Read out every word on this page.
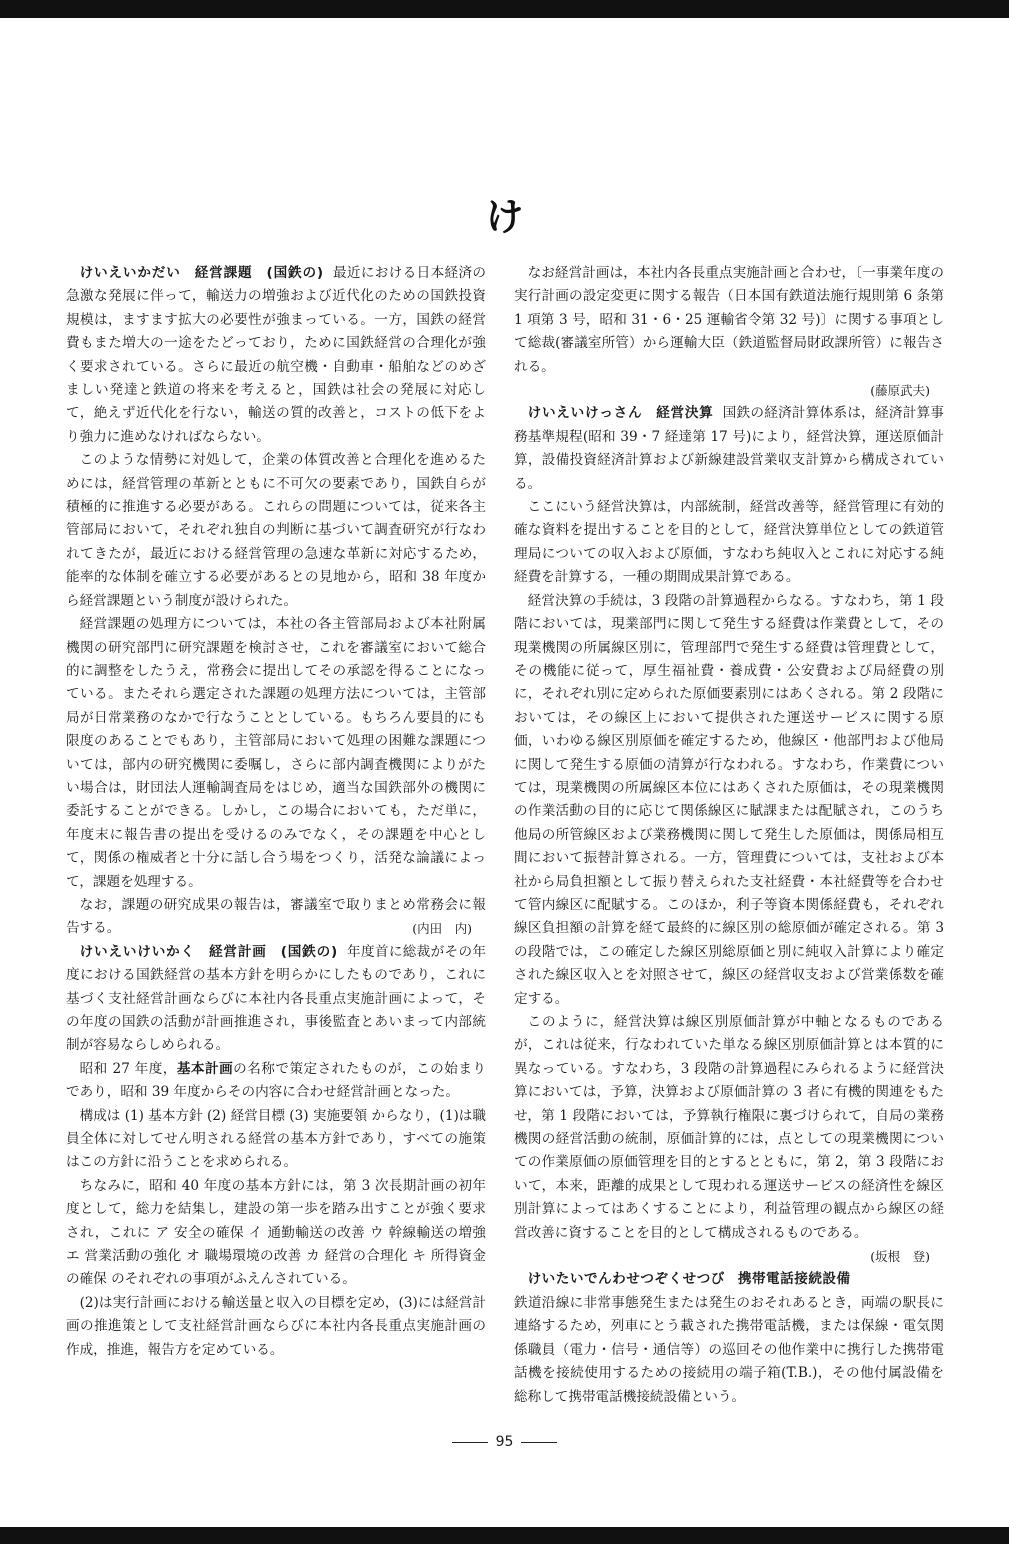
け

けいえいかだい 経営課題 (国鉄の) 最近における日本経済の急激な発展に伴って，輸送力の増強および近代化のための国鉄投資規模は，ますます拡大の必要性が強まっている。一方，国鉄の経営費もまた増大の一途をたどっており，ために国鉄経営の合理化が強く要求されている。さらに最近の航空機・自動車・船舶などのめざましい発達と鉄道の将来を考えると，国鉄は社会の発展に対応して，絶えず近代化を行ない，輸送の質的改善と，コストの低下をより強力に進めなければならない。

このような情勢に対処して，企業の体質改善と合理化を進めるためには，経営管理の革新とともに不可欠の要素であり，国鉄自らが積極的に推進する必要がある。これらの問題については，従来各主管部局において，それぞれ独自の判断に基づいて調査研究が行なわれてきたが，最近における経営管理の急速な革新に対応するため，能率的な体制を確立する必要があるとの見地から，昭和 38 年度から経営課題という制度が設けられた。

経営課題の処理方については，本社の各主管部局および本社附属機関の研究部門に研究課題を検討させ，これを審議室において総合的に調整をしたうえ，常務会に提出してその承認を得ることになっている。またそれら選定された課題の処理方法については，主管部局が日常業務のなかで行なうこととしている。もちろん要員的にも限度のあることでもあり，主管部局において処理の困難な課題については，部内の研究機関に委嘱し，さらに部内調査機関によりがたい場合は，財団法人運輸調査局をはじめ，適当な国鉄部外の機関に委託することができる。しかし，この場合においても，ただ単に，年度末に報告書の提出を受けるのみでなく，その課題を中心として，関係の権威者と十分に話し合う場をつくり，活発な論議によって，課題を処理する。

なお，課題の研究成果の報告は，審議室で取りまとめ常務会に報告する。	(内田　内)

けいえいけいかく 経営計画 (国鉄の) 年度首に総裁がその年度における国鉄経営の基本方針を明らかにしたものであり，これに基づく支社経営計画ならびに本社内各長重点実施計画によって，その年度の国鉄の活動が計画推進され，事後監査とあいまって内部統制が容易ならしめられる。

昭和 27 年度，基本計画の名称で策定されたものが，この始まりであり，昭和 39 年度からその内容に合わせ経営計画となった。

構成は (1) 基本方針 (2) 経営目標 (3) 実施要領 からなり，(1)は職員全体に対してせん明される経営の基本方針であり，すべての施策はこの方針に沿うことを求められる。

ちなみに，昭和 40 年度の基本方針には，第 3 次長期計画の初年度として，総力を結集し，建設の第一歩を踏み出すことが強く要求され，これに ア 安全の確保 イ 通勤輸送の改善 ウ 幹線輸送の増強 エ 営業活動の強化 オ 職場環境の改善 カ 経営の合理化 キ 所得資金の確保 のそれぞれの事項がふえんされている。

(2)は実行計画における輸送量と収入の目標を定め，(3)には経営計画の推進策として支社経営計画ならびに本社内各長重点実施計画の作成，推進，報告方を定めている。

なお経営計画は，本社内各長重点実施計画と合わせ，〔一事業年度の実行計画の設定変更に関する報告（日本国有鉄道法施行規則第 6 条第 1 項第 3 号，昭和 31・6・25 運輸省令第 32 号)〕に関する事項として総裁(審議室所管）から運輸大臣（鉄道監督局財政課所管）に報告される。

(藤原武夫)

けいえいけっさん 経営決算 国鉄の経済計算体系は，経済計算事務基準規程(昭和 39・7 経達第 17 号)により，経営決算，運送原価計算，設備投資経済計算および新線建設営業収支計算から構成されている。

ここにいう経営決算は，内部統制，経営改善等，経営管理に有効的確な資料を提出することを目的として，経営決算単位としての鉄道管理局についての収入および原価，すなわち純収入とこれに対応する純経費を計算する，一種の期間成果計算である。

経営決算の手続は，3 段階の計算過程からなる。すなわち，第 1 段階においては，現業部門に関して発生する経費は作業費として，その現業機関の所属線区別に，管理部門で発生する経費は管理費として，その機能に従って，厚生福祉費・養成費・公安費および局経費の別に，それぞれ別に定められた原価要素別にはあくされる。第 2 段階においては，その線区上において提供された運送サービスに関する原価，いわゆる線区別原価を確定するため，他線区・他部門および他局に関して発生する原価の清算が行なわれる。すなわち，作業費については，現業機関の所属線区本位にはあくされた原価は，その現業機関の作業活動の目的に応じて関係線区に賦課または配賦され，このうち他局の所管線区および業務機関に関して発生した原価は，関係局相互間において振替計算される。一方，管理費については，支社および本社から局負担額として振り替えられた支社経費・本社経費等を合わせて管内線区に配賦する。このほか，利子等資本関係経費も，それぞれ線区負担額の計算を経て最終的に線区別の総原価が確定される。第 3 の段階では，この確定した線区別総原価と別に純収入計算により確定された線区収入とを対照させて，線区の経営収支および営業係数を確定する。

このように，経営決算は線区別原価計算が中軸となるものであるが，これは従来，行なわれていた単なる線区別原価計算とは本質的に異なっている。すなわち，3 段階の計算過程にみられるように経営決算においては，予算，決算および原価計算の 3 者に有機的関連をもたせ，第 1 段階においては，予算執行権限に裏づけられて，自局の業務機関の経営活動の統制，原価計算的には，点としての現業機関についての作業原価の原価管理を目的とするとともに，第 2，第 3 段階において，本来，距離的成果として現われる運送サービスの経済性を線区別計算によってはあくすることにより，利益管理の観点から線区の経営改善に資することを目的として構成されるものである。

(坂根　登)

けいたいでんわせつぞくせつび 携帯電話接続設備

鉄道沿線に非常事態発生または発生のおそれあるとき，両端の駅長に連絡するため，列車にとう載された携帯電話機，または保線・電気関係職員（電力・信号・通信等）の巡回その他作業中に携行した携帯電話機を接続使用するための接続用の端子箱(T.B.)，その他付属設備を総称して携帯電話機接続設備という。

95
